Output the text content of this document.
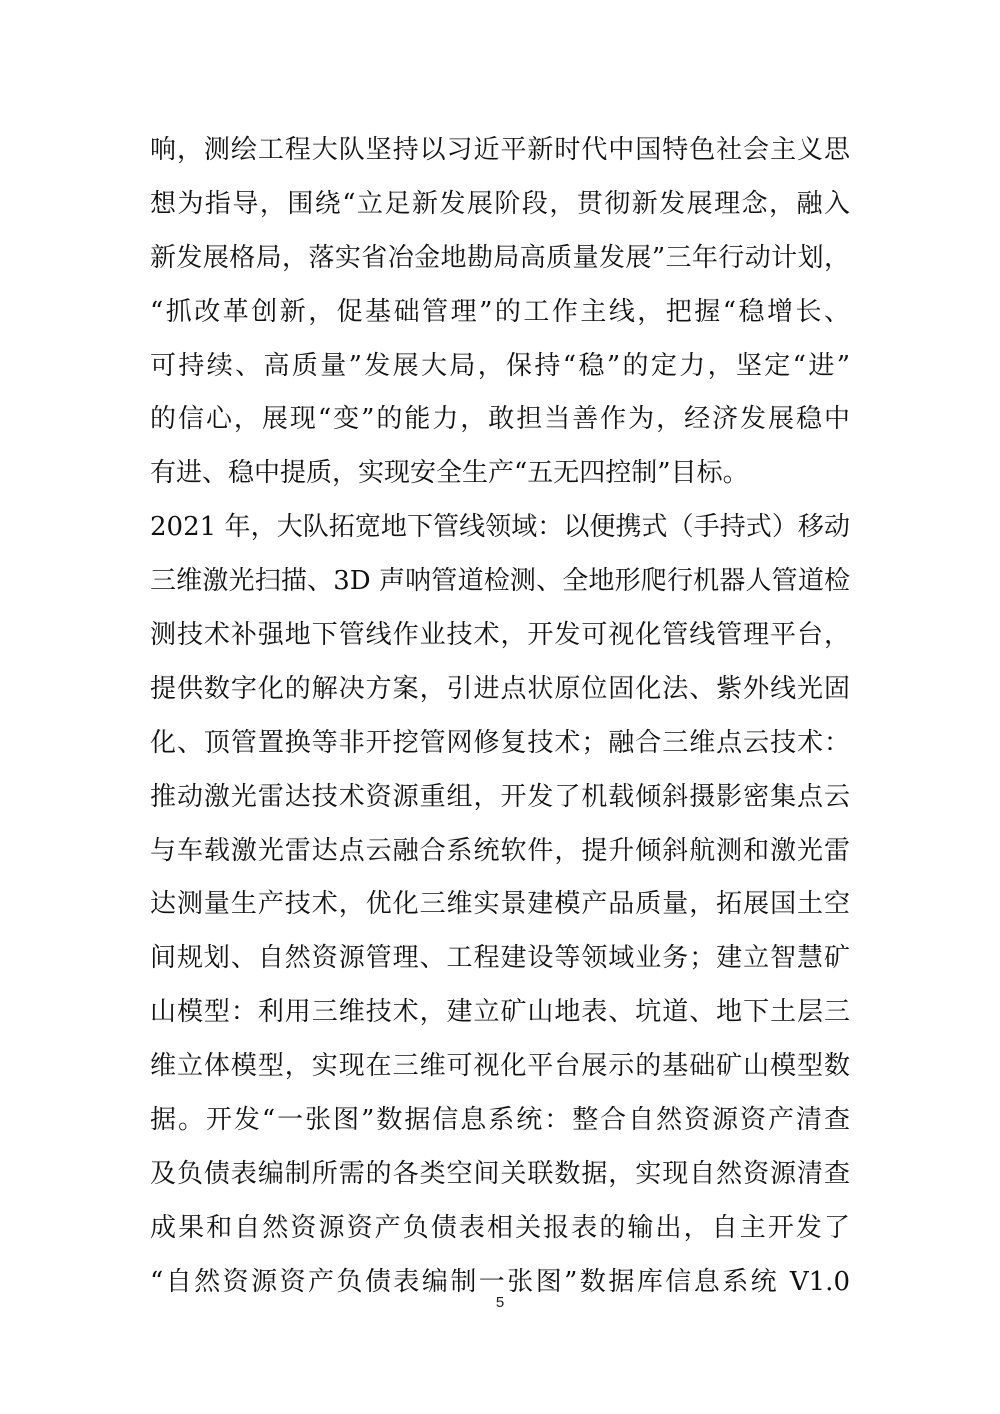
响，测绘工程大队坚持以习近平新时代中国特色社会主义思
想为指导，围绕“立足新发展阶段，贯彻新发展理念，融入
新发展格局，落实省冶金地勘局高质量发展”三年行动计划，
“抓改革创新，促基础管理”的工作主线，把握“稳增长、
可持续、高质量”发展大局，保持“稳”的定力，坚定“进”
的信心，展现“变”的能力，敢担当善作为，经济发展稳中
有进、稳中提质，实现安全生产“五无四控制”目标。
2021 年，大队拓宽地下管线领域：以便携式（手持式）移动
三维激光扫描、3D 声呐管道检测、全地形爬行机器人管道检
测技术补强地下管线作业技术，开发可视化管线管理平台，
提供数字化的解决方案，引进点状原位固化法、紫外线光固
化、顶管置换等非开挖管网修复技术；融合三维点云技术：
推动激光雷达技术资源重组，开发了机载倾斜摄影密集点云
与车载激光雷达点云融合系统软件，提升倾斜航测和激光雷
达测量生产技术，优化三维实景建模产品质量，拓展国土空
间规划、自然资源管理、工程建设等领域业务；建立智慧矿
山模型：利用三维技术，建立矿山地表、坑道、地下土层三
维立体模型，实现在三维可视化平台展示的基础矿山模型数
据。开发“一张图”数据信息系统：整合自然资源资产清查
及负债表编制所需的各类空间关联数据，实现自然资源清查
成果和自然资源资产负债表相关报表的输出，自主开发了
“自然资源资产负债表编制一张图”数据库信息系统 V1.0
5
